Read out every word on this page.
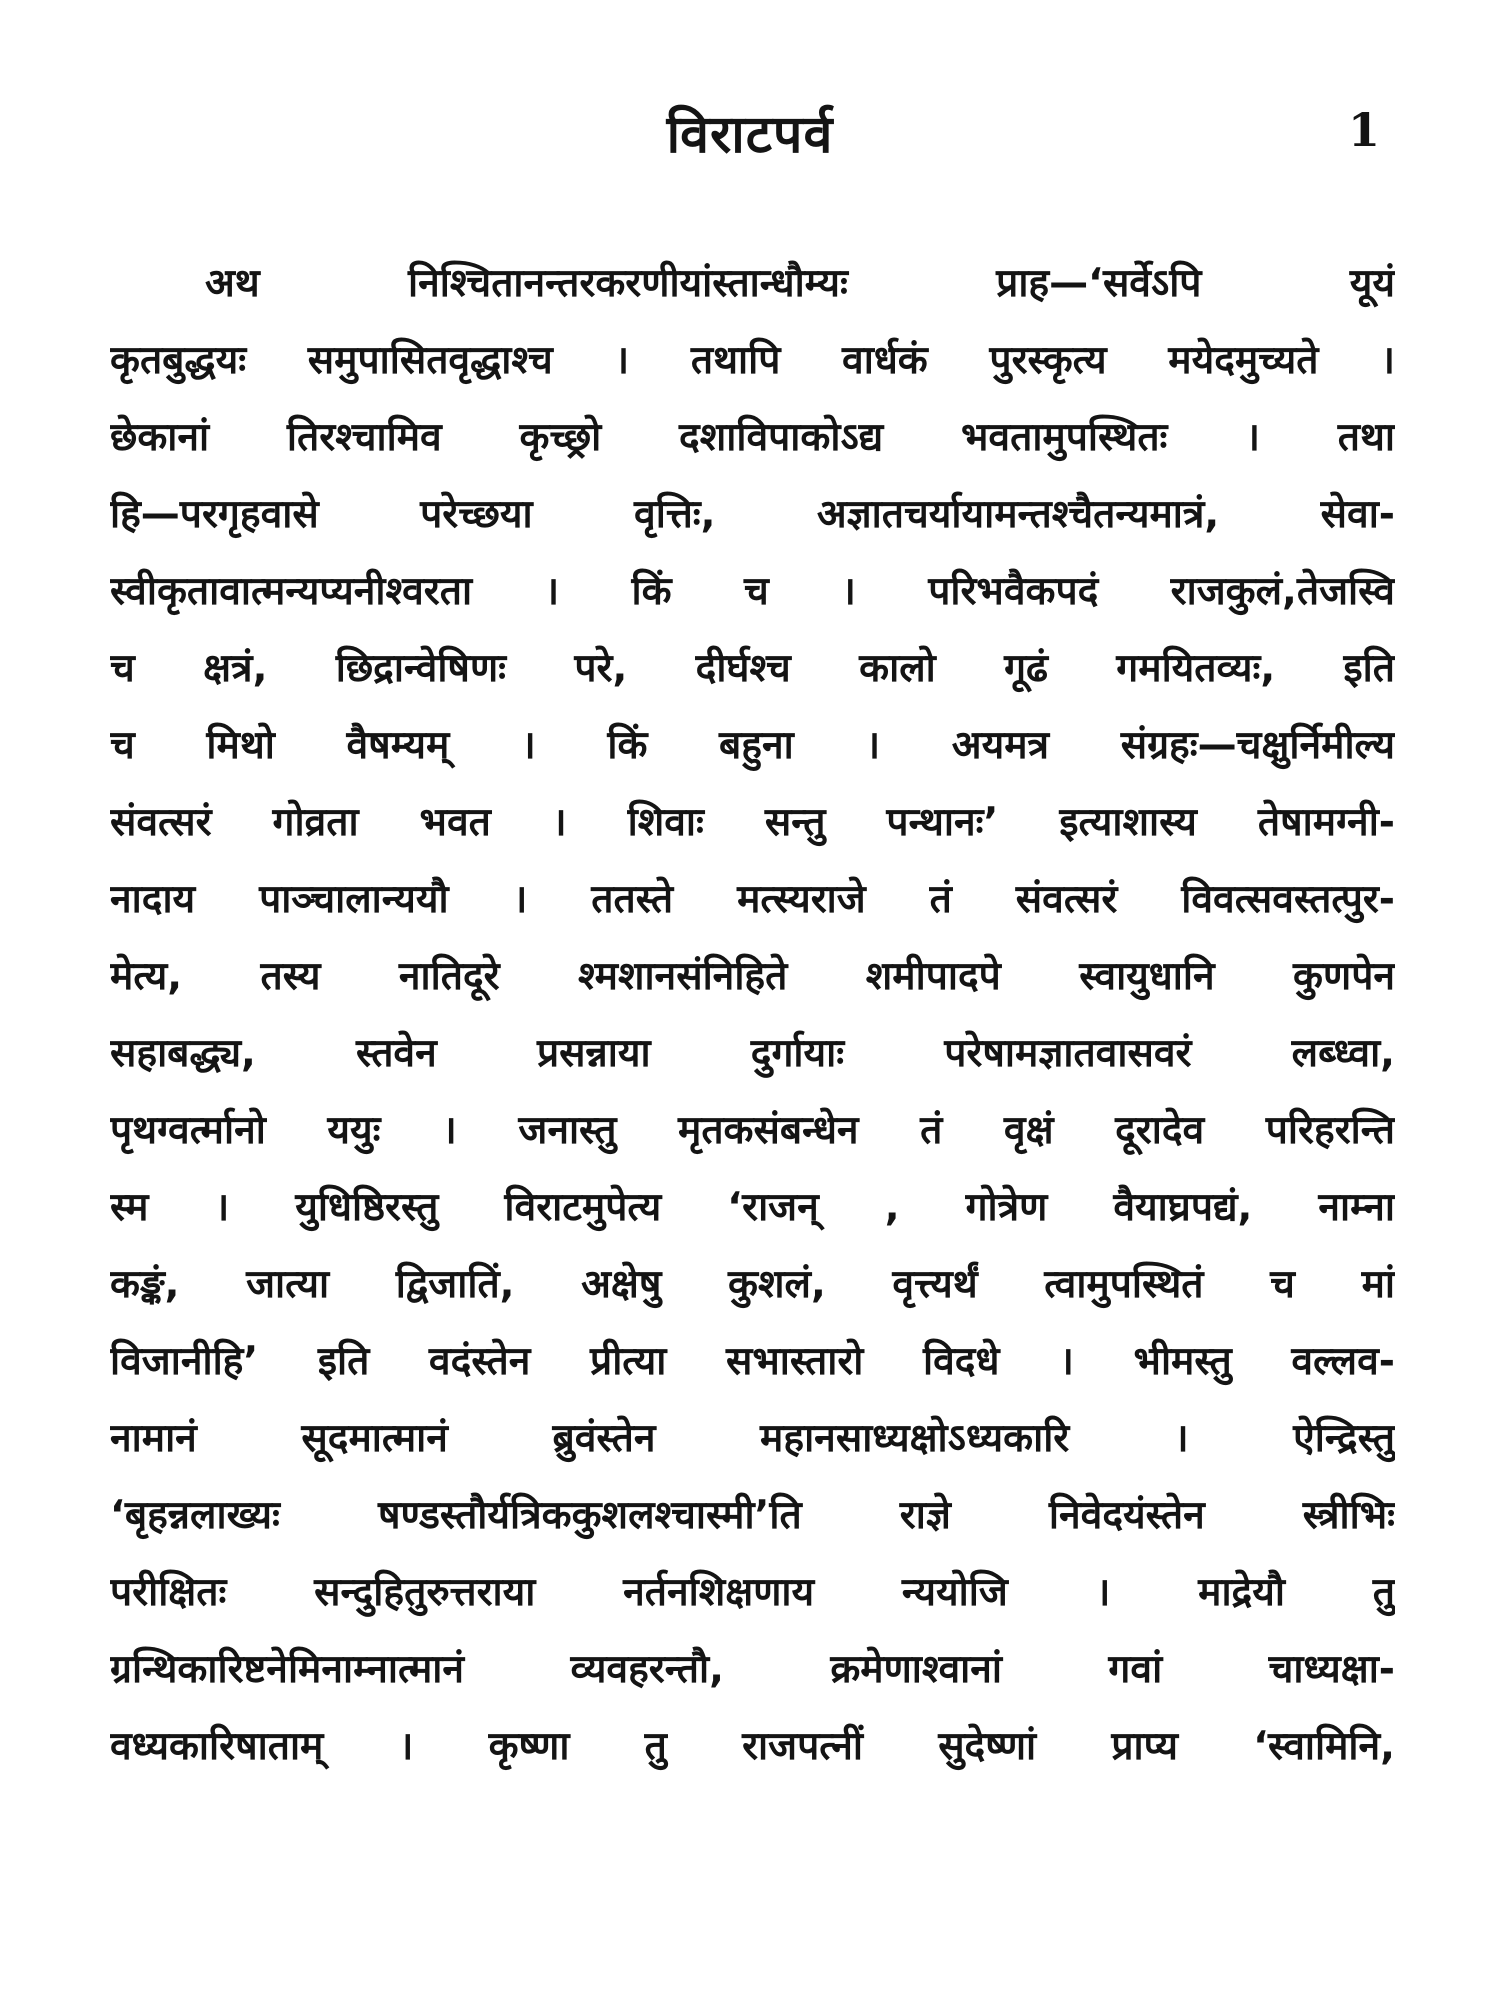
विराटपर्व	1
अथ निश्चितानन्तरकरणीयांस्तान्धौम्यः प्राह—‘सर्वेऽपि यूयं
कृतबुद्धयः समुपासितवृद्धाश्च । तथापि वार्धकं पुरस्कृत्य मयेदमुच्यते ।
छेकानां तिरश्चामिव कृच्छ्रो दशाविपाकोऽद्य भवतामुपस्थितः । तथा
हि—परगृहवासे परेच्छया वृत्तिः, अज्ञातचर्यायामन्तश्चैतन्यमात्रं, सेवा-
स्वीकृतावात्मन्यप्यनीश्वरता । किं च । परिभवैकपदं राजकुलं,तेजस्वि
च क्षत्रं, छिद्रान्वेषिणः परे, दीर्घश्च कालो गूढं गमयितव्यः, इति
च मिथो वैषम्यम् । किं बहुना । अयमत्र संग्रहः—चक्षुर्निमील्य
संवत्सरं गोव्रता भवत । शिवाः सन्तु पन्थानः’ इत्याशास्य तेषामग्नी-
नादाय पाञ्चालान्ययौ । ततस्ते मत्स्यराजे तं संवत्सरं विवत्सवस्तत्पुर-
मेत्य, तस्य नातिदूरे श्मशानसंनिहिते शमीपादपे स्वायुधानि कुणपेन
सहाबद्ध्य, स्तवेन प्रसन्नाया दुर्गायाः परेषामज्ञातवासवरं लब्ध्वा,
पृथग्वर्त्मानो ययुः । जनास्तु मृतकसंबन्धेन तं वृक्षं दूरादेव परिहरन्ति
स्म । युधिष्ठिरस्तु विराटमुपेत्य ‘राजन् , गोत्रेण वैयाघ्रपद्यं, नाम्ना
कङ्कं, जात्या द्विजातिं, अक्षेषु कुशलं, वृत्त्यर्थं त्वामुपस्थितं च मां
विजानीहि’ इति वदंस्तेन प्रीत्या सभास्तारो विदधे । भीमस्तु वल्लव-
नामानं सूदमात्मानं ब्रुवंस्तेन महानसाध्यक्षोऽध्यकारि । ऐन्द्रिस्तु
‘बृहन्नलाख्यः षण्डस्तौर्यत्रिककुशलश्चास्मी’ति राज्ञे निवेदयंस्तेन स्त्रीभिः
परीक्षितः सन्दुहितुरुत्तराया नर्तनशिक्षणाय न्ययोजि । माद्रेयौ तु
ग्रन्थिकारिष्टनेमिनाम्नात्मानं व्यवहरन्तौ, क्रमेणाश्वानां गवां चाध्यक्षा-
वध्यकारिषाताम् । कृष्णा तु राजपत्नीं सुदेष्णां प्राप्य ‘स्वामिनि,
